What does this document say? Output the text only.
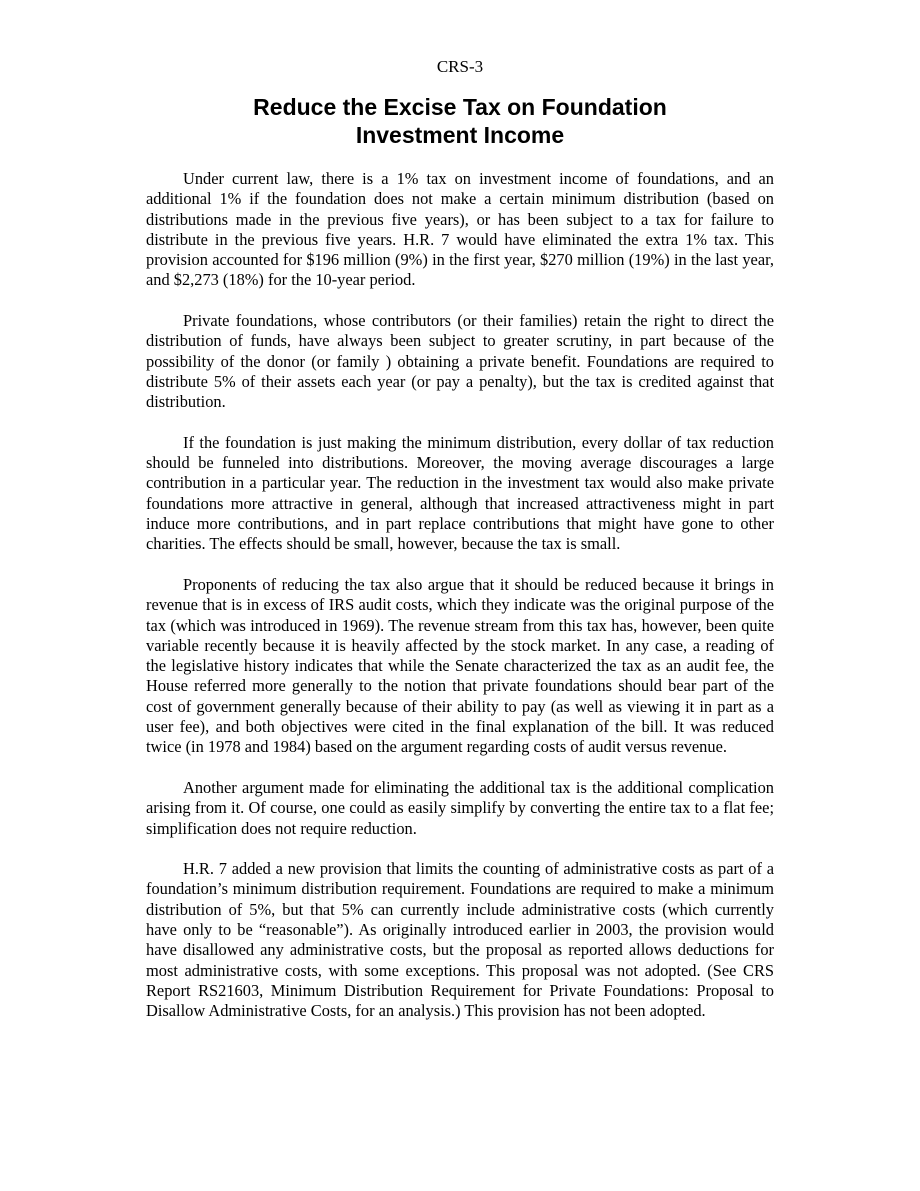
CRS-3
Reduce the Excise Tax on Foundation
Investment Income

Under current law, there is a 1% tax on investment income of foundations, and an additional 1% if the foundation does not make a certain minimum distribution (based on distributions made in the previous five years), or has been subject to a tax for failure to distribute in the previous five years. H.R. 7 would have eliminated the extra 1% tax. This provision accounted for $196 million (9%) in the first year, $270 million (19%) in the last year, and $2,273 (18%) for the 10-year period.

Private foundations, whose contributors (or their families) retain the right to direct the distribution of funds, have always been subject to greater scrutiny, in part because of the possibility of the donor (or family ) obtaining a private benefit. Foundations are required to distribute 5% of their assets each year (or pay a penalty), but the tax is credited against that distribution.

If the foundation is just making the minimum distribution, every dollar of tax reduction should be funneled into distributions. Moreover, the moving average discourages a large contribution in a particular year. The reduction in the investment tax would also make private foundations more attractive in general, although that increased attractiveness might in part induce more contributions, and in part replace contributions that might have gone to other charities. The effects should be small, however, because the tax is small.

Proponents of reducing the tax also argue that it should be reduced because it brings in revenue that is in excess of IRS audit costs, which they indicate was the original purpose of the tax (which was introduced in 1969). The revenue stream from this tax has, however, been quite variable recently because it is heavily affected by the stock market. In any case, a reading of the legislative history indicates that while the Senate characterized the tax as an audit fee, the House referred more generally to the notion that private foundations should bear part of the cost of government generally because of their ability to pay (as well as viewing it in part as a user fee), and both objectives were cited in the final explanation of the bill. It was reduced twice (in 1978 and 1984) based on the argument regarding costs of audit versus revenue.

Another argument made for eliminating the additional tax is the additional complication arising from it. Of course, one could as easily simplify by converting the entire tax to a flat fee; simplification does not require reduction.

H.R. 7 added a new provision that limits the counting of administrative costs as part of a foundation’s minimum distribution requirement. Foundations are required to make a minimum distribution of 5%, but that 5% can currently include administrative costs (which currently have only to be “reasonable”). As originally introduced earlier in 2003, the provision would have disallowed any administrative costs, but the proposal as reported allows deductions for most administrative costs, with some exceptions. This proposal was not adopted. (See CRS Report RS21603, Minimum Distribution Requirement for Private Foundations: Proposal to Disallow Administrative Costs, for an analysis.) This provision has not been adopted.
